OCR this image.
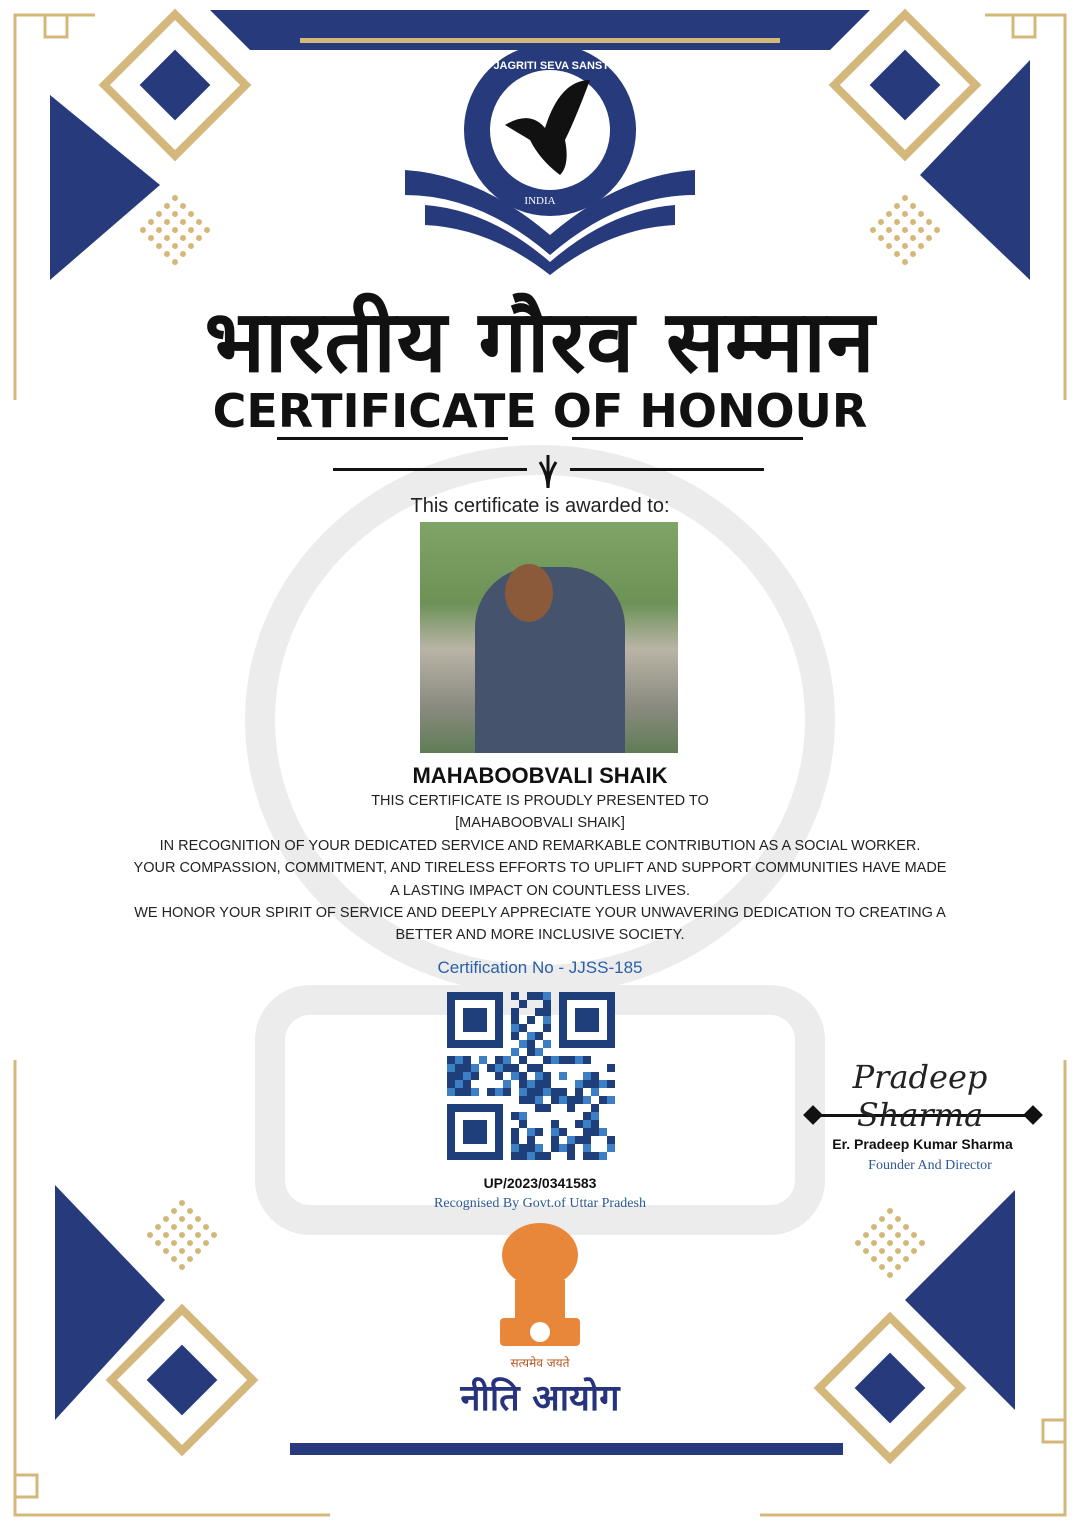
JEEVAN JAGRITI SEVA SANSTHAN
INDIA
भारतीय गौरव सम्मान
CERTIFICATE OF HONOUR
This certificate is awarded to:
MAHABOOBVALI SHAIK
THIS CERTIFICATE IS PROUDLY PRESENTED TO
[MAHABOOBVALI SHAIK]
IN RECOGNITION OF YOUR DEDICATED SERVICE AND REMARKABLE CONTRIBUTION AS A SOCIAL WORKER.
YOUR COMPASSION, COMMITMENT, AND TIRELESS EFFORTS TO UPLIFT AND SUPPORT COMMUNITIES HAVE MADE
A LASTING IMPACT ON COUNTLESS LIVES.
WE HONOR YOUR SPIRIT OF SERVICE AND DEEPLY APPRECIATE YOUR UNWAVERING DEDICATION TO CREATING A
BETTER AND MORE INCLUSIVE SOCIETY.
Certification No - JJSS-185
UP/2023/0341583
Recognised By Govt.of Uttar Pradesh
सत्यमेव जयते
नीति आयोग
Pradeep Sharma
Er. Pradeep Kumar Sharma
Founder And Director
